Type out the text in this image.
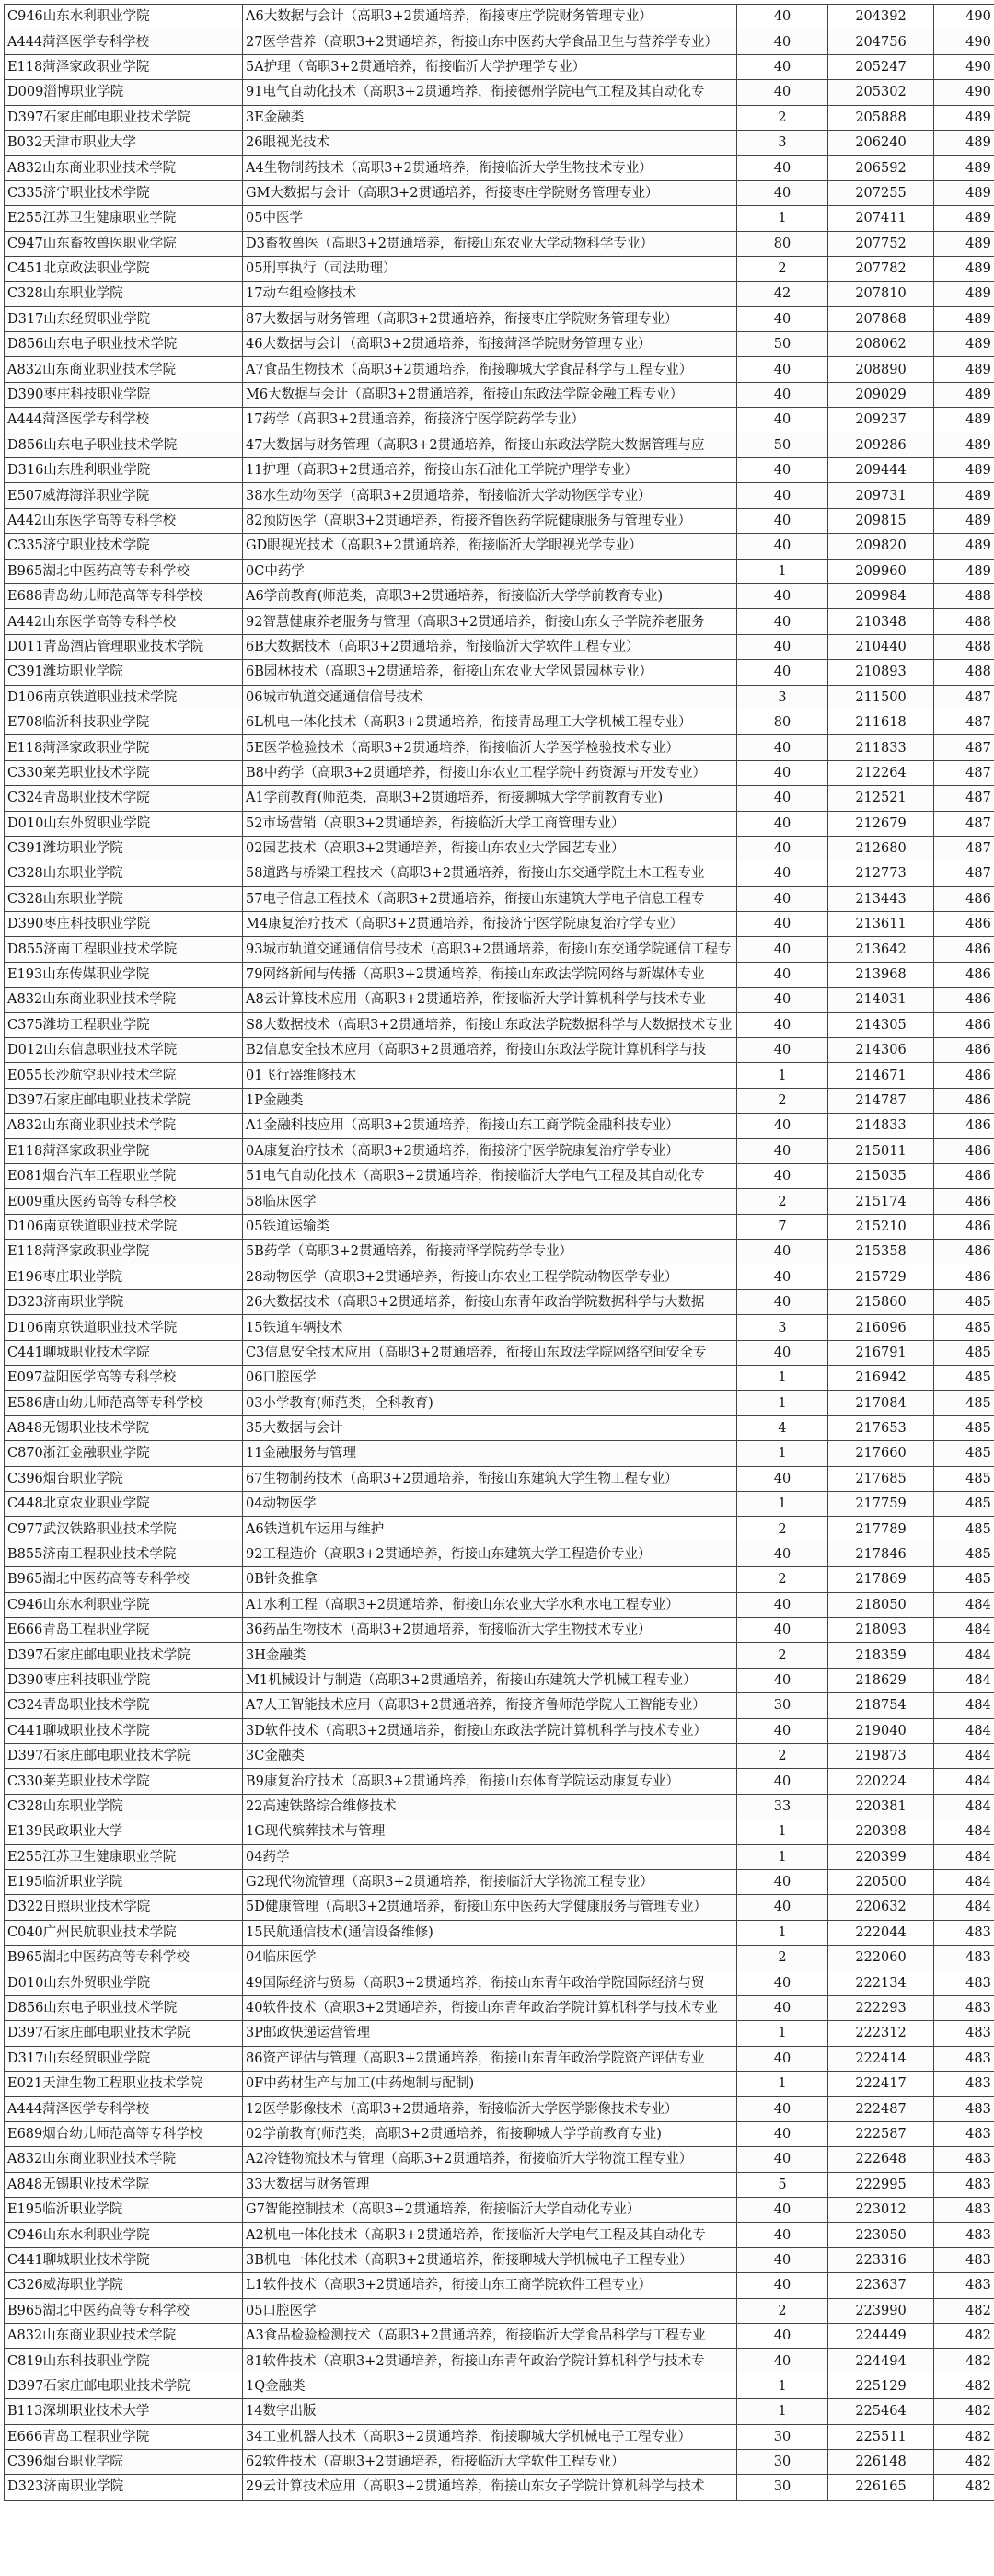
C946山东水利职业学院	A6大数据与会计（高职3+2贯通培养，衔接枣庄学院财务管理专业）	40	204392	490
A444菏泽医学专科学校	27医学营养（高职3+2贯通培养，衔接山东中医药大学食品卫生与营养学专业）	40	204756	490
E118菏泽家政职业学院	5A护理（高职3+2贯通培养，衔接临沂大学护理学专业）	40	205247	490
D009淄博职业学院	91电气自动化技术（高职3+2贯通培养，衔接德州学院电气工程及其自动化专	40	205302	490
D397石家庄邮电职业技术学院	3E金融类	2	205888	489
B032天津市职业大学	26眼视光技术	3	206240	489
A832山东商业职业技术学院	A4生物制药技术（高职3+2贯通培养，衔接临沂大学生物技术专业）	40	206592	489
C335济宁职业技术学院	GM大数据与会计（高职3+2贯通培养，衔接枣庄学院财务管理专业）	40	207255	489
E255江苏卫生健康职业学院	05中医学	1	207411	489
C947山东畜牧兽医职业学院	D3畜牧兽医（高职3+2贯通培养，衔接山东农业大学动物科学专业）	80	207752	489
C451北京政法职业学院	05刑事执行（司法助理）	2	207782	489
C328山东职业学院	17动车组检修技术	42	207810	489
D317山东经贸职业学院	87大数据与财务管理（高职3+2贯通培养，衔接枣庄学院财务管理专业）	40	207868	489
D856山东电子职业技术学院	46大数据与会计（高职3+2贯通培养，衔接菏泽学院财务管理专业）	50	208062	489
A832山东商业职业技术学院	A7食品生物技术（高职3+2贯通培养，衔接聊城大学食品科学与工程专业）	40	208890	489
D390枣庄科技职业学院	M6大数据与会计（高职3+2贯通培养，衔接山东政法学院金融工程专业）	40	209029	489
A444菏泽医学专科学校	17药学（高职3+2贯通培养，衔接济宁医学院药学专业）	40	209237	489
D856山东电子职业技术学院	47大数据与财务管理（高职3+2贯通培养，衔接山东政法学院大数据管理与应	50	209286	489
D316山东胜利职业学院	11护理（高职3+2贯通培养，衔接山东石油化工学院护理学专业）	40	209444	489
E507威海海洋职业学院	38水生动物医学（高职3+2贯通培养，衔接临沂大学动物医学专业）	40	209731	489
A442山东医学高等专科学校	82预防医学（高职3+2贯通培养，衔接齐鲁医药学院健康服务与管理专业）	40	209815	489
C335济宁职业技术学院	GD眼视光技术（高职3+2贯通培养，衔接临沂大学眼视光学专业）	40	209820	489
B965湖北中医药高等专科学校	0C中药学	1	209960	489
E688青岛幼儿师范高等专科学校	A6学前教育(师范类，高职3+2贯通培养，衔接临沂大学学前教育专业)	40	209984	488
A442山东医学高等专科学校	92智慧健康养老服务与管理（高职3+2贯通培养，衔接山东女子学院养老服务	40	210348	488
D011青岛酒店管理职业技术学院	6B大数据技术（高职3+2贯通培养，衔接临沂大学软件工程专业）	40	210440	488
C391潍坊职业学院	6B园林技术（高职3+2贯通培养，衔接山东农业大学风景园林专业）	40	210893	488
D106南京铁道职业技术学院	06城市轨道交通通信信号技术	3	211500	487
E708临沂科技职业学院	6L机电一体化技术（高职3+2贯通培养，衔接青岛理工大学机械工程专业）	80	211618	487
E118菏泽家政职业学院	5E医学检验技术（高职3+2贯通培养，衔接临沂大学医学检验技术专业）	40	211833	487
C330莱芜职业技术学院	B8中药学（高职3+2贯通培养，衔接山东农业工程学院中药资源与开发专业）	40	212264	487
C324青岛职业技术学院	A1学前教育(师范类，高职3+2贯通培养，衔接聊城大学学前教育专业)	40	212521	487
D010山东外贸职业学院	52市场营销（高职3+2贯通培养，衔接临沂大学工商管理专业）	40	212679	487
C391潍坊职业学院	02园艺技术（高职3+2贯通培养，衔接山东农业大学园艺专业）	40	212680	487
C328山东职业学院	58道路与桥梁工程技术（高职3+2贯通培养，衔接山东交通学院土木工程专业	40	212773	487
C328山东职业学院	57电子信息工程技术（高职3+2贯通培养，衔接山东建筑大学电子信息工程专	40	213443	486
D390枣庄科技职业学院	M4康复治疗技术（高职3+2贯通培养，衔接济宁医学院康复治疗学专业）	40	213611	486
D855济南工程职业技术学院	93城市轨道交通通信信号技术（高职3+2贯通培养，衔接山东交通学院通信工程专	40	213642	486
E193山东传媒职业学院	79网络新闻与传播（高职3+2贯通培养，衔接山东政法学院网络与新媒体专业	40	213968	486
A832山东商业职业技术学院	A8云计算技术应用（高职3+2贯通培养，衔接临沂大学计算机科学与技术专业	40	214031	486
C375潍坊工程职业学院	S8大数据技术（高职3+2贯通培养，衔接山东政法学院数据科学与大数据技术专业	40	214305	486
D012山东信息职业技术学院	B2信息安全技术应用（高职3+2贯通培养，衔接山东政法学院计算机科学与技	40	214306	486
E055长沙航空职业技术学院	01飞行器维修技术	1	214671	486
D397石家庄邮电职业技术学院	1P金融类	2	214787	486
A832山东商业职业技术学院	A1金融科技应用（高职3+2贯通培养，衔接山东工商学院金融科技专业）	40	214833	486
E118菏泽家政职业学院	0A康复治疗技术（高职3+2贯通培养，衔接济宁医学院康复治疗学专业）	40	215011	486
E081烟台汽车工程职业学院	51电气自动化技术（高职3+2贯通培养，衔接临沂大学电气工程及其自动化专	40	215035	486
E009重庆医药高等专科学校	58临床医学	2	215174	486
D106南京铁道职业技术学院	05铁道运输类	7	215210	486
E118菏泽家政职业学院	5B药学（高职3+2贯通培养，衔接菏泽学院药学专业）	40	215358	486
E196枣庄职业学院	28动物医学（高职3+2贯通培养，衔接山东农业工程学院动物医学专业）	40	215729	486
D323济南职业学院	26大数据技术（高职3+2贯通培养，衔接山东青年政治学院数据科学与大数据	40	215860	485
D106南京铁道职业技术学院	15铁道车辆技术	3	216096	485
C441聊城职业技术学院	C3信息安全技术应用（高职3+2贯通培养，衔接山东政法学院网络空间安全专	40	216791	485
E097益阳医学高等专科学校	06口腔医学	1	216942	485
E586唐山幼儿师范高等专科学校	03小学教育(师范类，全科教育)	1	217084	485
A848无锡职业技术学院	35大数据与会计	4	217653	485
C870浙江金融职业学院	11金融服务与管理	1	217660	485
C396烟台职业学院	67生物制药技术（高职3+2贯通培养，衔接山东建筑大学生物工程专业）	40	217685	485
C448北京农业职业学院	04动物医学	1	217759	485
C977武汉铁路职业技术学院	A6铁道机车运用与维护	2	217789	485
B855济南工程职业技术学院	92工程造价（高职3+2贯通培养，衔接山东建筑大学工程造价专业）	40	217846	485
B965湖北中医药高等专科学校	0B针灸推拿	2	217869	485
C946山东水利职业学院	A1水利工程（高职3+2贯通培养，衔接山东农业大学水利水电工程专业）	40	218050	484
E666青岛工程职业学院	36药品生物技术（高职3+2贯通培养，衔接临沂大学生物技术专业）	40	218093	484
D397石家庄邮电职业技术学院	3H金融类	2	218359	484
D390枣庄科技职业学院	M1机械设计与制造（高职3+2贯通培养，衔接山东建筑大学机械工程专业）	40	218629	484
C324青岛职业技术学院	A7人工智能技术应用（高职3+2贯通培养，衔接齐鲁师范学院人工智能专业）	30	218754	484
C441聊城职业技术学院	3D软件技术（高职3+2贯通培养，衔接山东政法学院计算机科学与技术专业）	40	219040	484
D397石家庄邮电职业技术学院	3C金融类	2	219873	484
C330莱芜职业技术学院	B9康复治疗技术（高职3+2贯通培养，衔接山东体育学院运动康复专业）	40	220224	484
C328山东职业学院	22高速铁路综合维修技术	33	220381	484
E139民政职业大学	1G现代殡葬技术与管理	1	220398	484
E255江苏卫生健康职业学院	04药学	1	220399	484
E195临沂职业学院	G2现代物流管理（高职3+2贯通培养，衔接临沂大学物流工程专业）	40	220500	484
D322日照职业技术学院	5D健康管理（高职3+2贯通培养，衔接山东中医药大学健康服务与管理专业）	40	220632	484
C040广州民航职业技术学院	15民航通信技术(通信设备维修)	1	222044	483
B965湖北中医药高等专科学校	04临床医学	2	222060	483
D010山东外贸职业学院	49国际经济与贸易（高职3+2贯通培养，衔接山东青年政治学院国际经济与贸	40	222134	483
D856山东电子职业技术学院	40软件技术（高职3+2贯通培养，衔接山东青年政治学院计算机科学与技术专业	40	222293	483
D397石家庄邮电职业技术学院	3P邮政快递运营管理	1	222312	483
D317山东经贸职业学院	86资产评估与管理（高职3+2贯通培养，衔接山东青年政治学院资产评估专业	40	222414	483
E021天津生物工程职业技术学院	0F中药材生产与加工(中药炮制与配制)	1	222417	483
A444菏泽医学专科学校	12医学影像技术（高职3+2贯通培养，衔接临沂大学医学影像技术专业）	40	222487	483
E689烟台幼儿师范高等专科学校	02学前教育(师范类，高职3+2贯通培养，衔接聊城大学学前教育专业)	40	222587	483
A832山东商业职业技术学院	A2冷链物流技术与管理（高职3+2贯通培养，衔接临沂大学物流工程专业）	40	222648	483
A848无锡职业技术学院	33大数据与财务管理	5	222995	483
E195临沂职业学院	G7智能控制技术（高职3+2贯通培养，衔接临沂大学自动化专业）	40	223012	483
C946山东水利职业学院	A2机电一体化技术（高职3+2贯通培养，衔接临沂大学电气工程及其自动化专	40	223050	483
C441聊城职业技术学院	3B机电一体化技术（高职3+2贯通培养，衔接聊城大学机械电子工程专业）	40	223316	483
C326威海职业学院	L1软件技术（高职3+2贯通培养，衔接山东工商学院软件工程专业）	40	223637	483
B965湖北中医药高等专科学校	05口腔医学	2	223990	482
A832山东商业职业技术学院	A3食品检验检测技术（高职3+2贯通培养，衔接临沂大学食品科学与工程专业	40	224449	482
C819山东科技职业学院	81软件技术（高职3+2贯通培养，衔接山东青年政治学院计算机科学与技术专	40	224494	482
D397石家庄邮电职业技术学院	1Q金融类	1	225129	482
B113深圳职业技术大学	14数字出版	1	225464	482
E666青岛工程职业学院	34工业机器人技术（高职3+2贯通培养，衔接聊城大学机械电子工程专业）	30	225511	482
C396烟台职业学院	62软件技术（高职3+2贯通培养，衔接临沂大学软件工程专业）	30	226148	482
D323济南职业学院	29云计算技术应用（高职3+2贯通培养，衔接山东女子学院计算机科学与技术	30	226165	482
